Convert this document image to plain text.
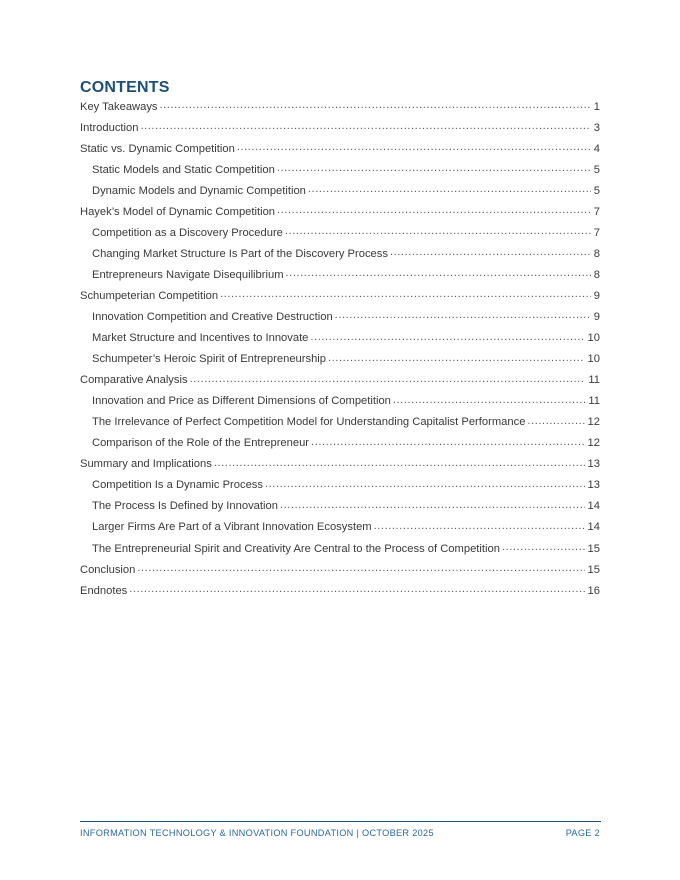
CONTENTS
Key Takeaways .....	1
Introduction .....	3
Static vs. Dynamic Competition .....	4
Static Models and Static Competition .....	5
Dynamic Models and Dynamic Competition .....	5
Hayek’s Model of Dynamic Competition .....	7
Competition as a Discovery Procedure .....	7
Changing Market Structure Is Part of the Discovery Process .....	8
Entrepreneurs Navigate Disequilibrium .....	8
Schumpeterian Competition .....	9
Innovation Competition and Creative Destruction .....	9
Market Structure and Incentives to Innovate .....	10
Schumpeter’s Heroic Spirit of Entrepreneurship .....	10
Comparative Analysis .....	11
Innovation and Price as Different Dimensions of Competition .....	11
The Irrelevance of Perfect Competition Model for Understanding Capitalist Performance .....	12
Comparison of the Role of the Entrepreneur .....	12
Summary and Implications .....	13
Competition Is a Dynamic Process .....	13
The Process Is Defined by Innovation .....	14
Larger Firms Are Part of a Vibrant Innovation Ecosystem .....	14
The Entrepreneurial Spirit and Creativity Are Central to the Process of Competition .....	15
Conclusion .....	15
Endnotes .....	16
INFORMATION TECHNOLOGY & INNOVATION FOUNDATION | OCTOBER 2025	PAGE 2
